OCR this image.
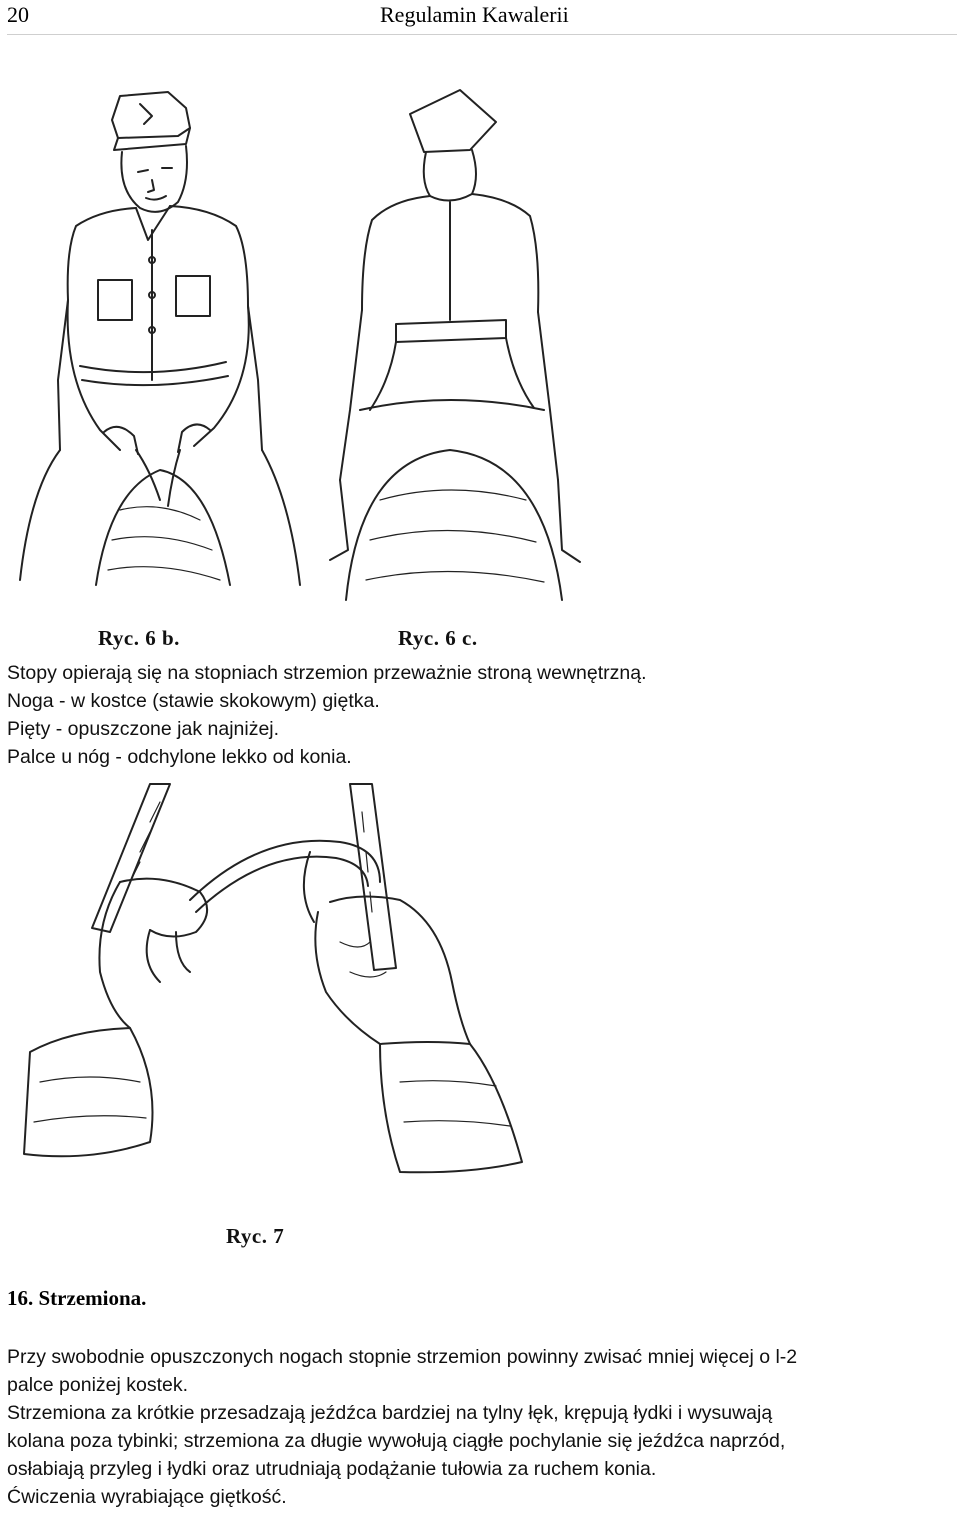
20	Regulamin Kawalerii
Ryc. 6 b.	Ryc. 6 c.

Stopy opierają się na stopniach strzemion przeważnie stroną wewnętrzną.

Noga - w kostce (stawie skokowym) giętka.

Pięty - opuszczone jak najniżej.

Palce u nóg - odchylone lekko od konia.

Ryc. 7
16. Strzemiona.

Przy swobodnie opuszczonych nogach stopnie strzemion powinny zwisać mniej więcej o l-2

palce poniżej kostek.

Strzemiona za krótkie przesadzają jeźdźca bardziej na tylny łęk, krępują łydki i wysuwają

kolana poza tybinki; strzemiona za długie wywołują ciągłe pochylanie się jeźdźca naprzód,

osłabiają przyleg i łydki oraz utrudniają podążanie tułowia za ruchem konia.

Ćwiczenia wyrabiające giętkość.
